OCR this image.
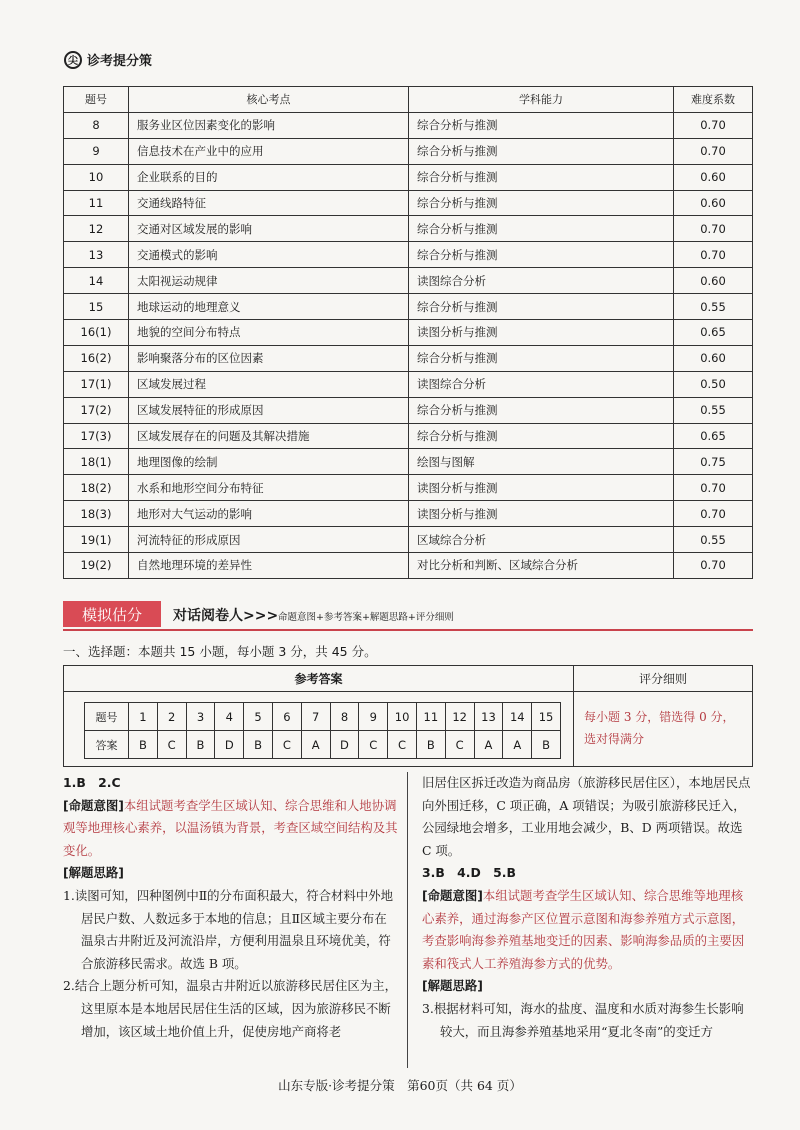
尖 诊考提分策
题号	核心考点	学科能力	难度系数
8	服务业区位因素变化的影响	综合分析与推测	0.70
9	信息技术在产业中的应用	综合分析与推测	0.70
10	企业联系的目的	综合分析与推测	0.60
11	交通线路特征	综合分析与推测	0.60
12	交通对区域发展的影响	综合分析与推测	0.70
13	交通模式的影响	综合分析与推测	0.70
14	太阳视运动规律	读图综合分析	0.60
15	地球运动的地理意义	综合分析与推测	0.55
16(1)	地貌的空间分布特点	读图分析与推测	0.65
16(2)	影响聚落分布的区位因素	综合分析与推测	0.60
17(1)	区域发展过程	读图综合分析	0.50
17(2)	区域发展特征的形成原因	综合分析与推测	0.55
17(3)	区域发展存在的问题及其解决措施	综合分析与推测	0.65
18(1)	地理图像的绘制	绘图与图解	0.75
18(2)	水系和地形空间分布特征	读图分析与推测	0.70
18(3)	地形对大气运动的影响	读图分析与推测	0.70
19(1)	河流特征的形成原因	区域综合分析	0.55
19(2)	自然地理环境的差异性	对比分析和判断、区域综合分析	0.70
模拟估分	对话阅卷人>>> 命题意图+参考答案+解题思路+评分细则
一、选择题：本题共 15 小题，每小题 3 分，共 45 分。
参考答案	评分细则
题号	1	2	3	4	5	6	7	8	9	10	11	12	13	14	15
答案	B	C	B	D	B	C	A	D	C	C	B	C	A	A	B
每小题 3 分，错选得 0 分，选对得满分
1.B　2.C
[命题意图]本组试题考查学生区域认知、综合思维和人地协调观等地理核心素养，以温汤镇为背景，考查区域空间结构及其变化。
[解题思路]
1.读图可知，四种图例中Ⅱ的分布面积最大，符合材料中外地居民户数、人数远多于本地的信息；且Ⅱ区域主要分布在温泉古井附近及河流沿岸，方便利用温泉且环境优美，符合旅游移民需求。故选 B 项。
2.结合上题分析可知，温泉古井附近以旅游移民居住区为主，这里原本是本地居民居住生活的区域，因为旅游移民不断增加，该区域土地价值上升，促使房地产商将老
旧居住区拆迁改造为商品房（旅游移民居住区），本地居民点向外围迁移，C 项正确，A 项错误；为吸引旅游移民迁入，公园绿地会增多，工业用地会减少，B、D 两项错误。故选 C 项。
3.B　4.D　5.B
[命题意图]本组试题考查学生区域认知、综合思维等地理核心素养，通过海参产区位置示意图和海参养殖方式示意图，考查影响海参养殖基地变迁的因素、影响海参品质的主要因素和筏式人工养殖海参方式的优势。
[解题思路]
3.根据材料可知，海水的盐度、温度和水质对海参生长影响较大，而且海参养殖基地采用“夏北冬南”的变迁方
山东专版·诊考提分策　第60页（共 64 页）
